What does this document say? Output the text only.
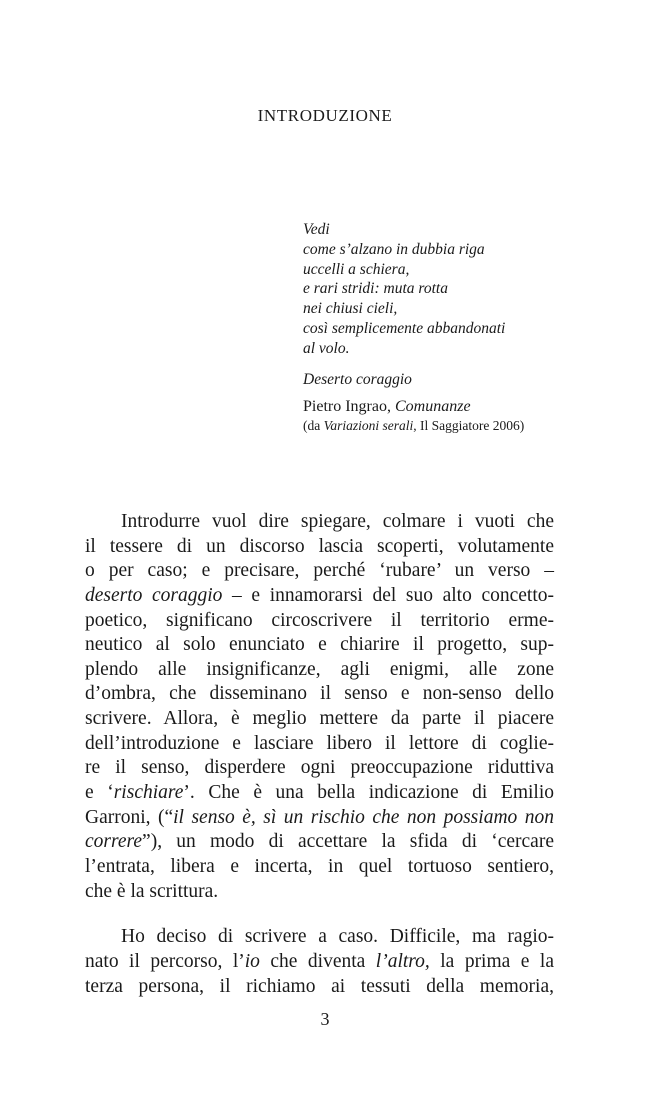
INTRODUZIONE
Vedi
come s’alzano in dubbia riga
uccelli a schiera,
e rari stridi: muta rotta
nei chiusi cieli,
così semplicemente abbandonati
al volo.
Deserto coraggio
Pietro Ingrao, Comunanze
(da Variazioni serali, Il Saggiatore 2006)
Introdurre vuol dire spiegare, colmare i vuoti che
il tessere di un discorso lascia scoperti, volutamente
o per caso; e precisare, perché ‘rubare’ un verso –
deserto coraggio – e innamorarsi del suo alto concetto-
poetico, significano circoscrivere il territorio erme-
neutico al solo enunciato e chiarire il progetto, sup-
plendo alle insignificanze, agli enigmi, alle zone
d’ombra, che disseminano il senso e non-senso dello
scrivere. Allora, è meglio mettere da parte il piacere
dell’introduzione e lasciare libero il lettore di coglie-
re il senso, disperdere ogni preoccupazione riduttiva
e ‘rischiare’. Che è una bella indicazione di Emilio
Garroni, (“il senso è, sì un rischio che non possiamo non
correre”), un modo di accettare la sfida di ‘cercare
l’entrata, libera e incerta, in quel tortuoso sentiero,
che è la scrittura.
Ho deciso di scrivere a caso. Difficile, ma ragio-
nato il percorso, l’io che diventa l’altro, la prima e la
terza persona, il richiamo ai tessuti della memoria,
3
